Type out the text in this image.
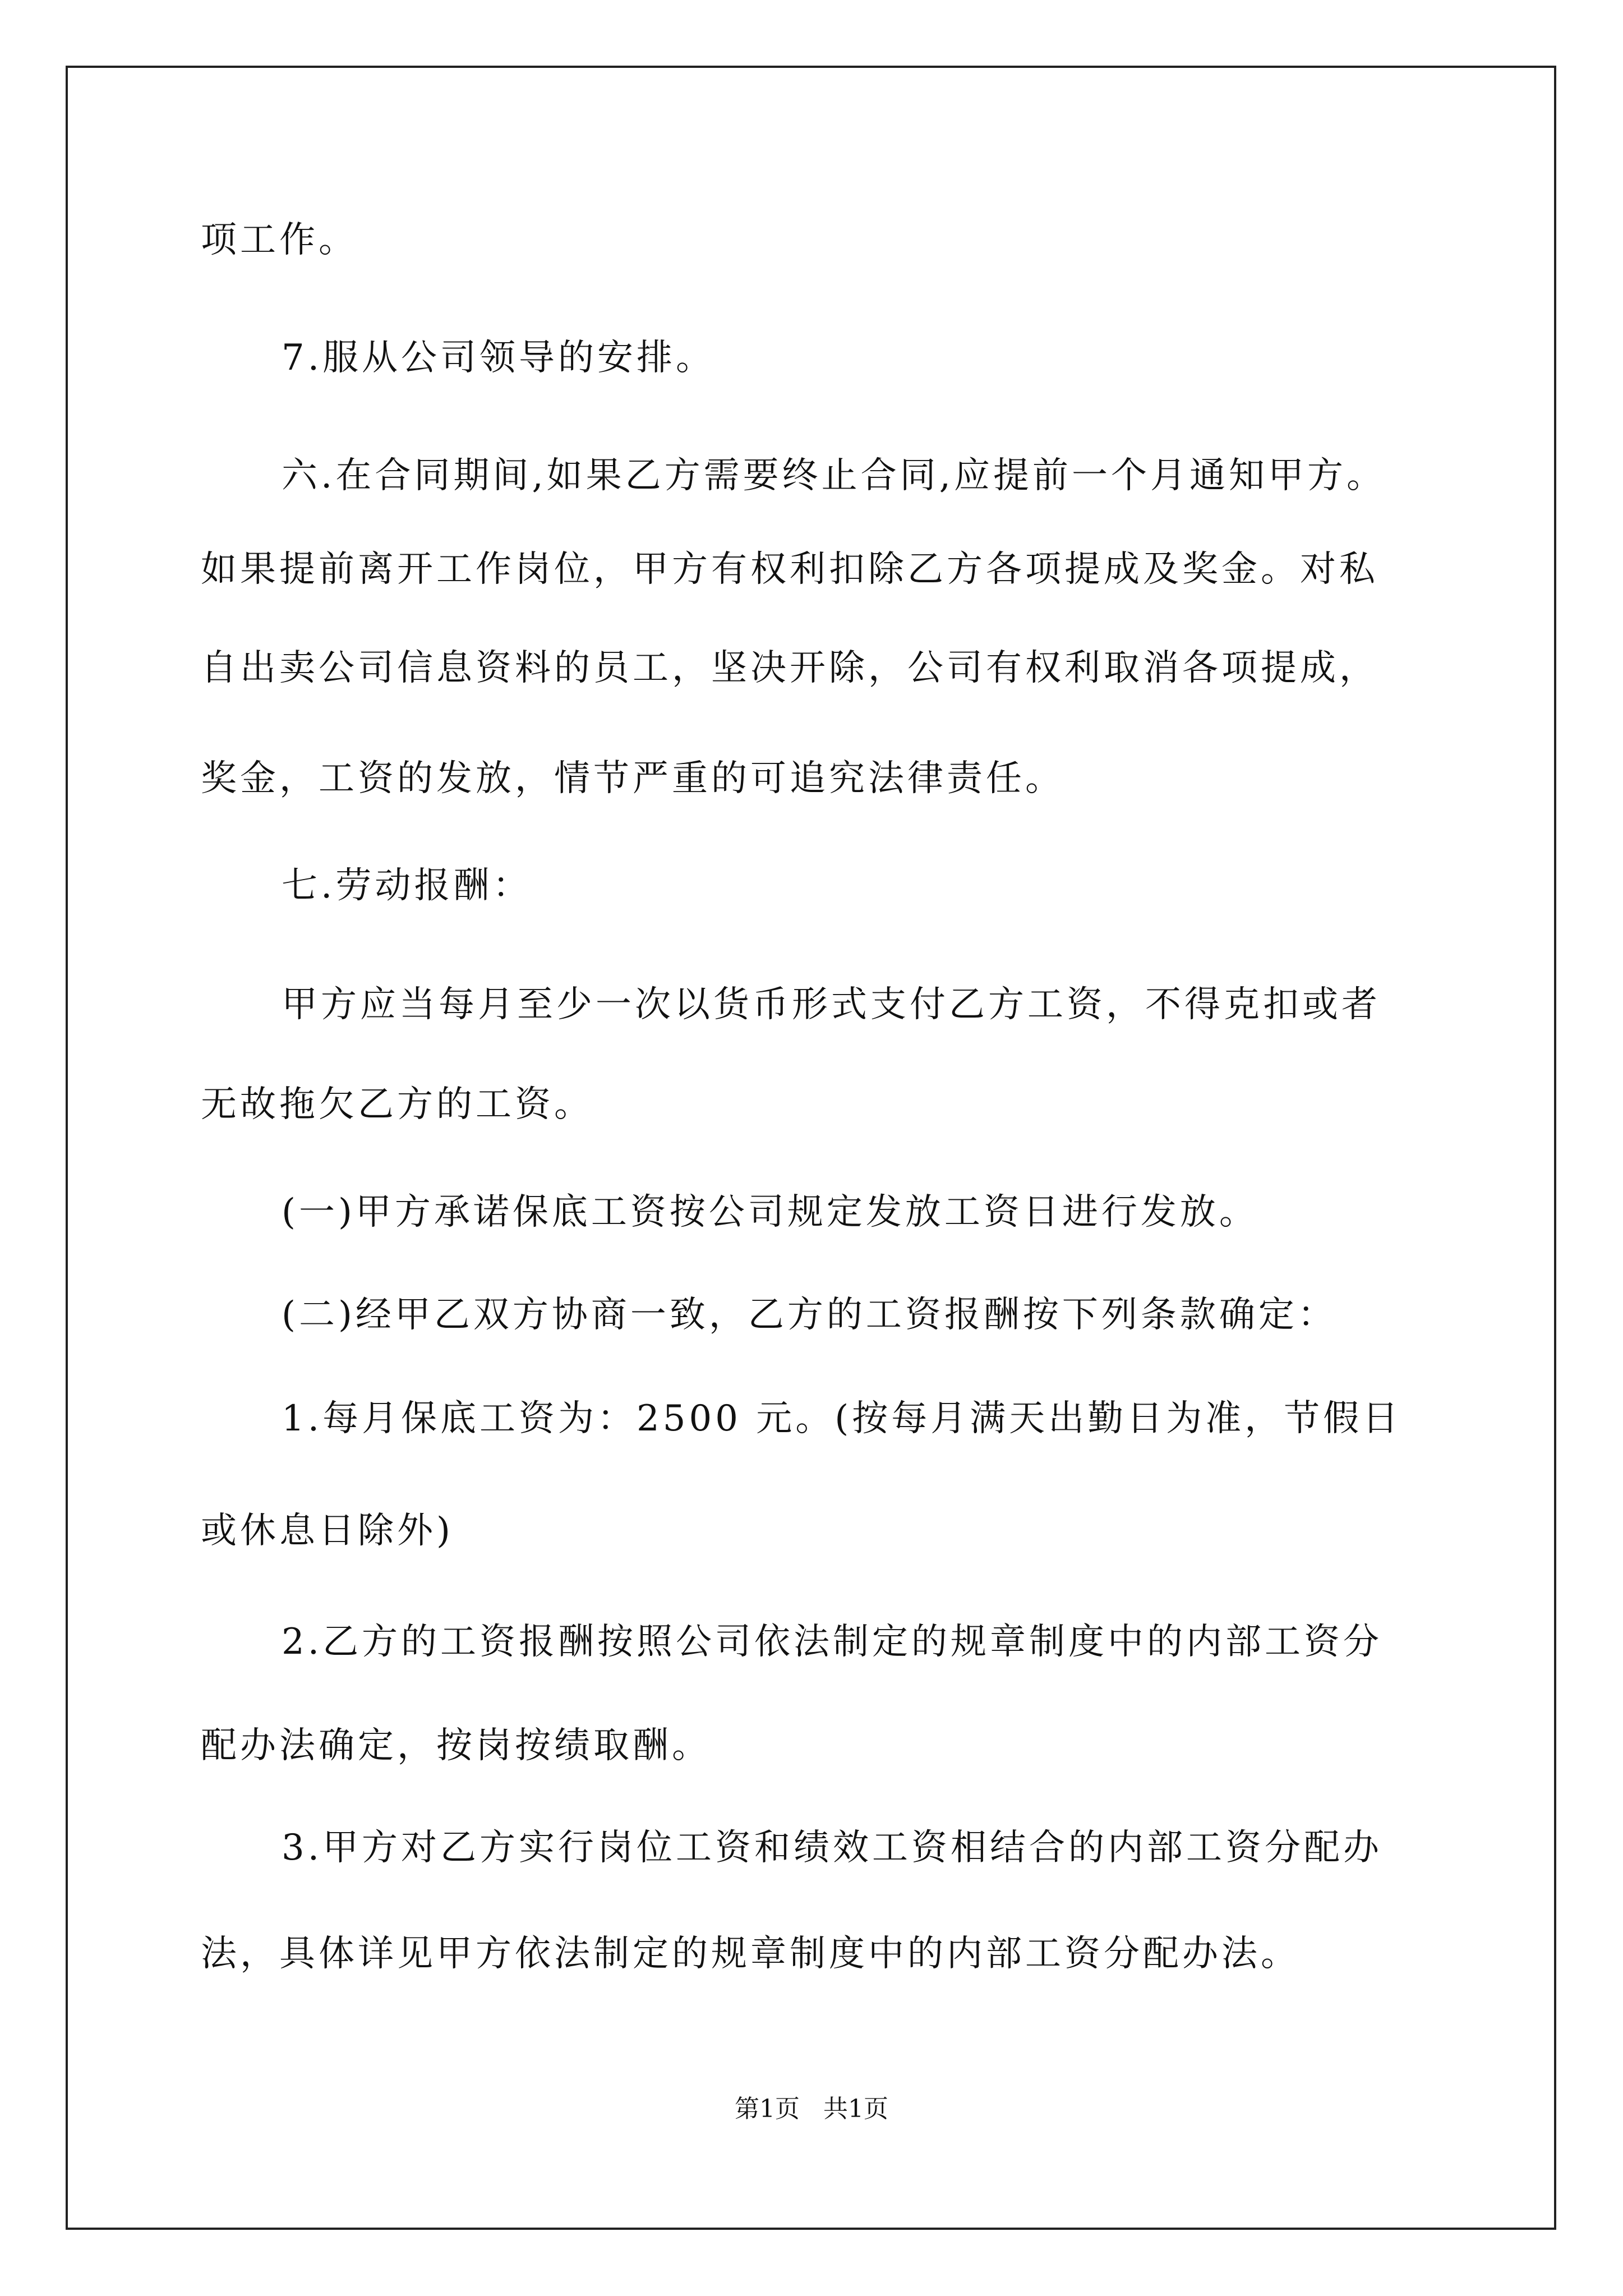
项工作。
7.服从公司领导的安排。
六.在合同期间,如果乙方需要终止合同,应提前一个月通知甲方。
如果提前离开工作岗位，甲方有权利扣除乙方各项提成及奖金。对私
自出卖公司信息资料的员工，坚决开除，公司有权利取消各项提成，
奖金，工资的发放，情节严重的可追究法律责任。
七.劳动报酬：
甲方应当每月至少一次以货币形式支付乙方工资，不得克扣或者
无故拖欠乙方的工资。
(一)甲方承诺保底工资按公司规定发放工资日进行发放。
(二)经甲乙双方协商一致，乙方的工资报酬按下列条款确定：
1.每月保底工资为：2500 元。(按每月满天出勤日为准，节假日
或休息日除外)
2.乙方的工资报酬按照公司依法制定的规章制度中的内部工资分
配办法确定，按岗按绩取酬。
3.甲方对乙方实行岗位工资和绩效工资相结合的内部工资分配办
法，具体详见甲方依法制定的规章制度中的内部工资分配办法。
第1页 共1页
